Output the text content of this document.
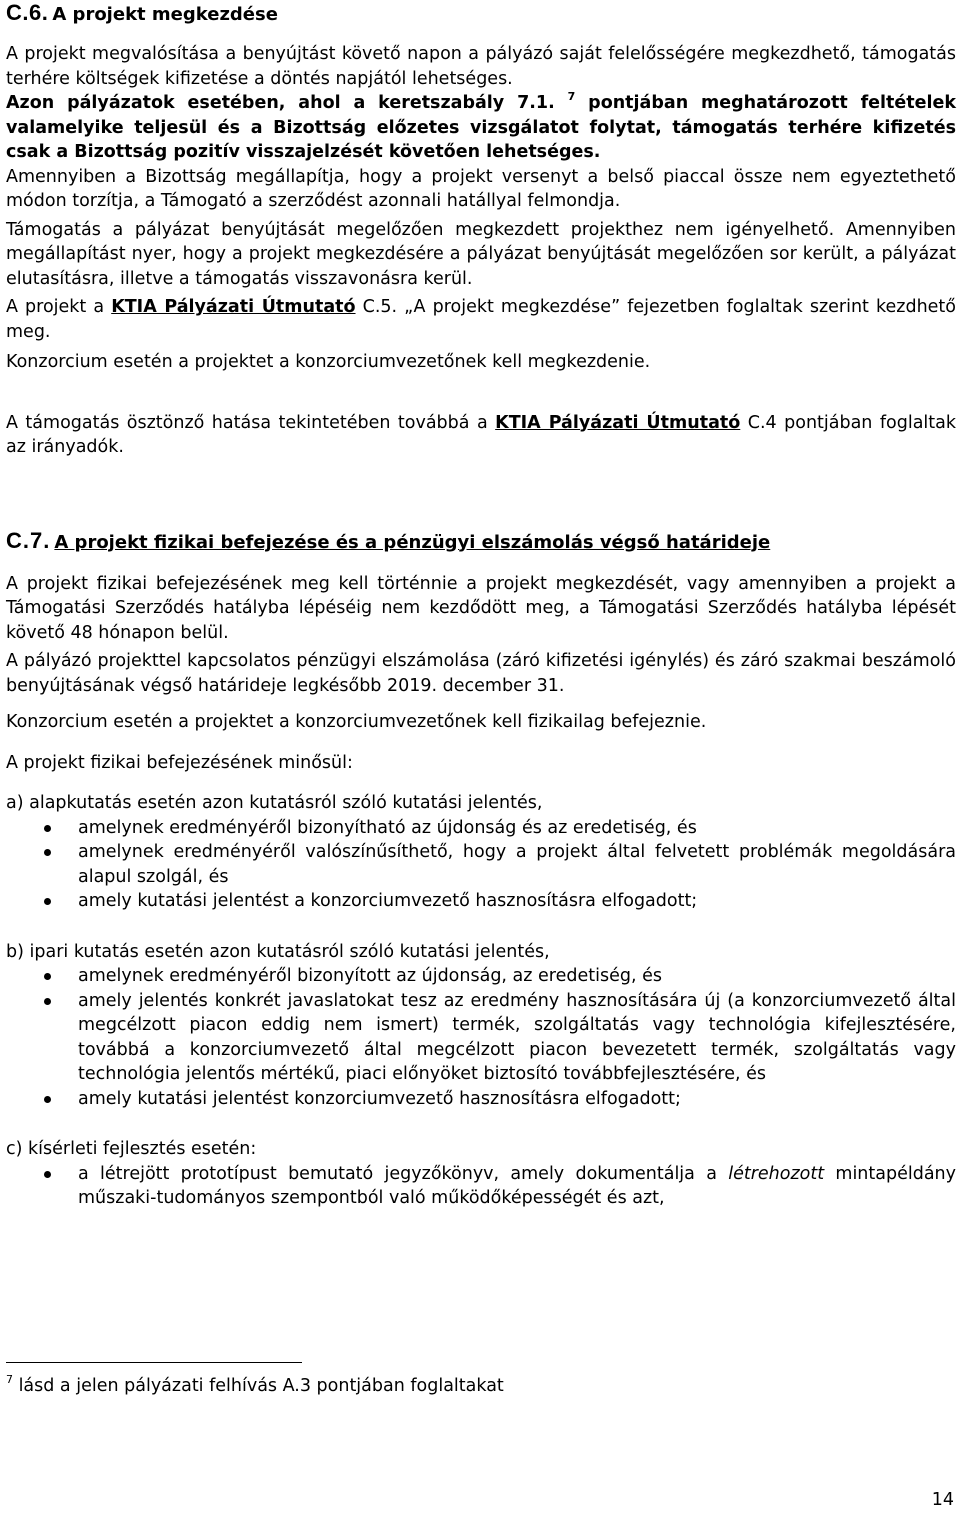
C.6. A projekt megkezdése

A projekt megvalósítása a benyújtást követő napon a pályázó saját felelősségére megkezdhető, támogatás terhére költségek kifizetése a döntés napjától lehetséges.

Azon pályázatok esetében, ahol a keretszabály 7.1. $^7$ pontjában meghatározott feltételek valamelyike teljesül és a Bizottság előzetes vizsgálatot folytat, támogatás terhére kifizetés csak a Bizottság pozitív visszajelzését követően lehetséges.

Amennyiben a Bizottság megállapítja, hogy a projekt versenyt a belső piaccal össze nem egyeztethető módon torzítja, a Támogató a szerződést azonnali hatállyal felmondja.

Támogatás a pályázat benyújtását megelőzően megkezdett projekthez nem igényelhető. Amennyiben megállapítást nyer, hogy a projekt megkezdésére a pályázat benyújtását megelőzően sor került, a pályázat elutasításra, illetve a támogatás visszavonásra kerül.

A projekt a KTIA Pályázati Útmutató C.5. „A projekt megkezdése” fejezetben foglaltak szerint kezdhető meg.

Konzorcium esetén a projektet a konzorciumvezetőnek kell megkezdenie.

A támogatás ösztönző hatása tekintetében továbbá a KTIA Pályázati Útmutató C.4 pontjában foglaltak az irányadók.

C.7. A projekt fizikai befejezése és a pénzügyi elszámolás végső határideje

A projekt fizikai befejezésének meg kell történnie a projekt megkezdését, vagy amennyiben a projekt a Támogatási Szerződés hatályba lépéséig nem kezdődött meg, a Támogatási Szerződés hatályba lépését követő 48 hónapon belül.

A pályázó projekttel kapcsolatos pénzügyi elszámolása (záró kifizetési igénylés) és záró szakmai beszámoló benyújtásának végső határideje legkésőbb 2019. december 31.

Konzorcium esetén a projektet a konzorciumvezetőnek kell fizikailag befejeznie.

A projekt fizikai befejezésének minősül:

a) alapkutatás esetén azon kutatásról szóló kutatási jelentés,

amelynek eredményéről bizonyítható az újdonság és az eredetiség, és
amelynek eredményéről valószínűsíthető, hogy a projekt által felvetett problémák megoldására alapul szolgál, és
amely kutatási jelentést a konzorciumvezető hasznosításra elfogadott;

b) ipari kutatás esetén azon kutatásról szóló kutatási jelentés,

amelynek eredményéről bizonyított az újdonság, az eredetiség, és
amely jelentés konkrét javaslatokat tesz az eredmény hasznosítására új (a konzorciumvezető által megcélzott piacon eddig nem ismert) termék, szolgáltatás vagy technológia kifejlesztésére, továbbá a konzorciumvezető által megcélzott piacon bevezetett termék, szolgáltatás vagy technológia jelentős mértékű, piaci előnyöket biztosító továbbfejlesztésére, és
amely kutatási jelentést konzorciumvezető hasznosításra elfogadott;

c) kísérleti fejlesztés esetén:

a létrejött prototípust bemutató jegyzőkönyv, amely dokumentálja a létrehozott mintapéldány műszaki-tudományos szempontból való működőképességét és azt,
$^7$ lásd a jelen pályázati felhívás A.3 pontjában foglaltakat
14
